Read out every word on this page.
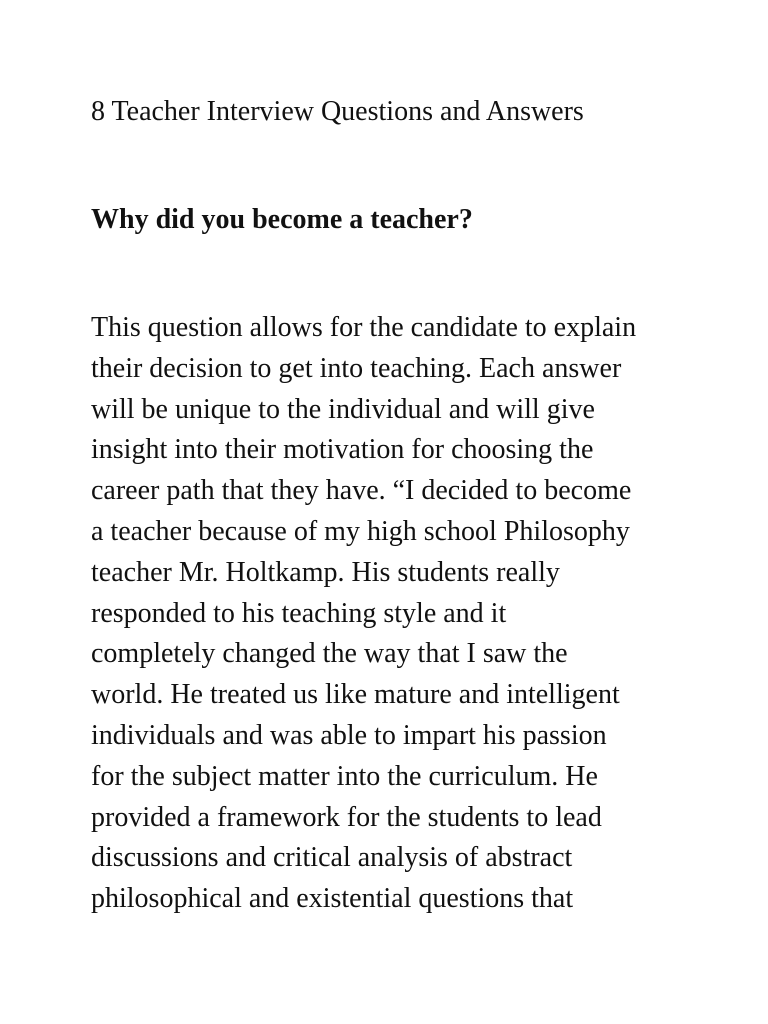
8 Teacher Interview Questions and Answers
Why did you become a teacher?

This question allows for the candidate to explain
their decision to get into teaching. Each answer
will be unique to the individual and will give
insight into their motivation for choosing the
career path that they have. “I decided to become
a teacher because of my high school Philosophy
teacher Mr. Holtkamp. His students really
responded to his teaching style and it
completely changed the way that I saw the
world. He treated us like mature and intelligent
individuals and was able to impart his passion
for the subject matter into the curriculum. He
provided a framework for the students to lead
discussions and critical analysis of abstract
philosophical and existential questions that
